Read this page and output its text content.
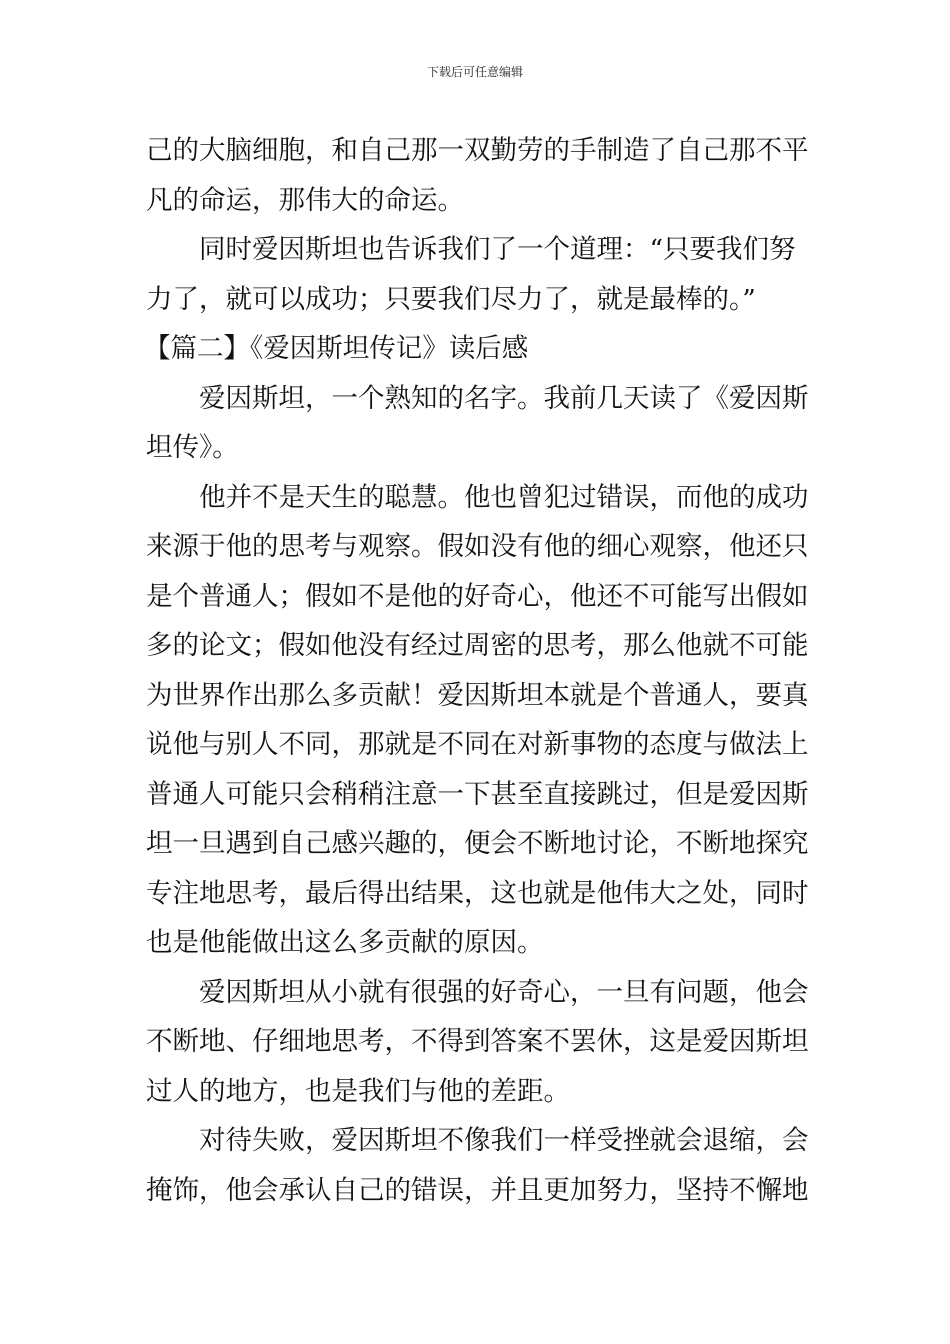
下载后可任意编辑
己的大脑细胞，和自己那一双勤劳的手制造了自己那不平
凡的命运，那伟大的命运。
同时爱因斯坦也告诉我们了一个道理：“只要我们努
力了，就可以成功；只要我们尽力了，就是最棒的。”
【篇二】《爱因斯坦传记》读后感
爱因斯坦，一个熟知的名字。我前几天读了《爱因斯
坦传》。
他并不是天生的聪慧。他也曾犯过错误，而他的成功
来源于他的思考与观察。假如没有他的细心观察，他还只
是个普通人；假如不是他的好奇心，他还不可能写出假如
多的论文；假如他没有经过周密的思考，那么他就不可能
为世界作出那么多贡献！爱因斯坦本就是个普通人，要真
说他与别人不同，那就是不同在对新事物的态度与做法上
普通人可能只会稍稍注意一下甚至直接跳过，但是爱因斯
坦一旦遇到自己感兴趣的，便会不断地讨论，不断地探究
专注地思考，最后得出结果，这也就是他伟大之处，同时
也是他能做出这么多贡献的原因。
爱因斯坦从小就有很强的好奇心，一旦有问题，他会
不断地、仔细地思考，不得到答案不罢休，这是爱因斯坦
过人的地方，也是我们与他的差距。
对待失败，爱因斯坦不像我们一样受挫就会退缩，会
掩饰，他会承认自己的错误，并且更加努力，坚持不懈地
